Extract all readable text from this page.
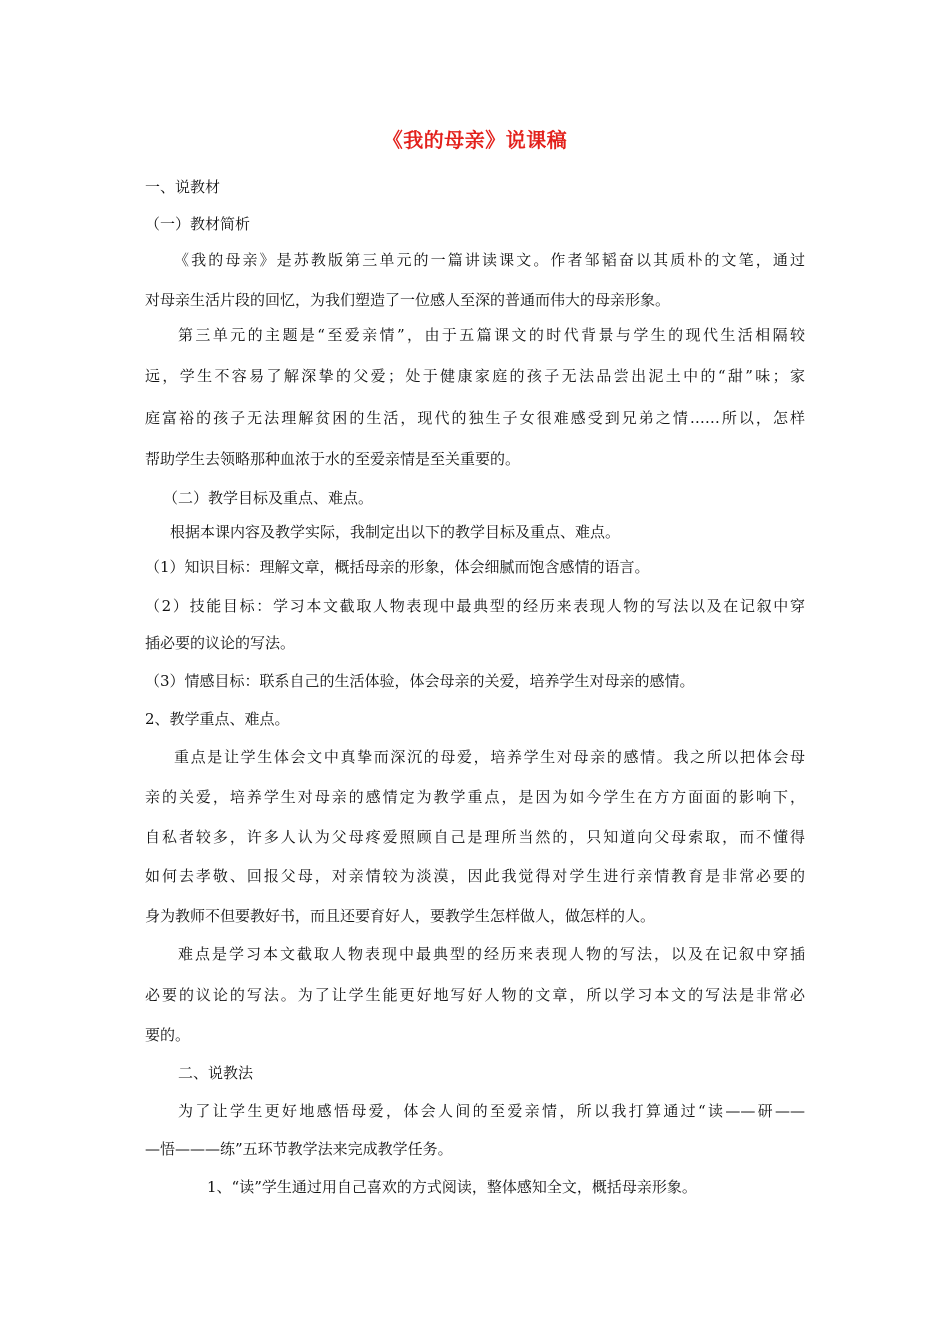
《我的母亲》说课稿
一、说教材
（一）教材简析
《我的母亲》是苏教版第三单元的一篇讲读课文。作者邹韬奋以其质朴的文笔，通过
对母亲生活片段的回忆，为我们塑造了一位感人至深的普通而伟大的母亲形象。
第三单元的主题是“至爱亲情”，由于五篇课文的时代背景与学生的现代生活相隔较
远，学生不容易了解深挚的父爱；处于健康家庭的孩子无法品尝出泥土中的“甜”味；家
庭富裕的孩子无法理解贫困的生活，现代的独生子女很难感受到兄弟之情……所以，怎样
帮助学生去领略那种血浓于水的至爱亲情是至关重要的。
（二）教学目标及重点、难点。
根据本课内容及教学实际，我制定出以下的教学目标及重点、难点。
（1）知识目标：理解文章，概括母亲的形象，体会细腻而饱含感情的语言。
（2）技能目标：学习本文截取人物表现中最典型的经历来表现人物的写法以及在记叙中穿
插必要的议论的写法。
（3）情感目标：联系自己的生活体验，体会母亲的关爱，培养学生对母亲的感情。
2、教学重点、难点。
重点是让学生体会文中真挚而深沉的母爱，培养学生对母亲的感情。我之所以把体会母
亲的关爱，培养学生对母亲的感情定为教学重点，是因为如今学生在方方面面的影响下，
自私者较多，许多人认为父母疼爱照顾自己是理所当然的，只知道向父母索取，而不懂得
如何去孝敬、回报父母，对亲情较为淡漠，因此我觉得对学生进行亲情教育是非常必要的
身为教师不但要教好书，而且还要育好人，要教学生怎样做人，做怎样的人。
难点是学习本文截取人物表现中最典型的经历来表现人物的写法，以及在记叙中穿插
必要的议论的写法。为了让学生能更好地写好人物的文章，所以学习本文的写法是非常必
要的。
二、说教法
为了让学生更好地感悟母爱，体会人间的至爱亲情，所以我打算通过“读——研——
—悟———练”五环节教学法来完成教学任务。
1、“读”学生通过用自己喜欢的方式阅读，整体感知全文，概括母亲形象。
